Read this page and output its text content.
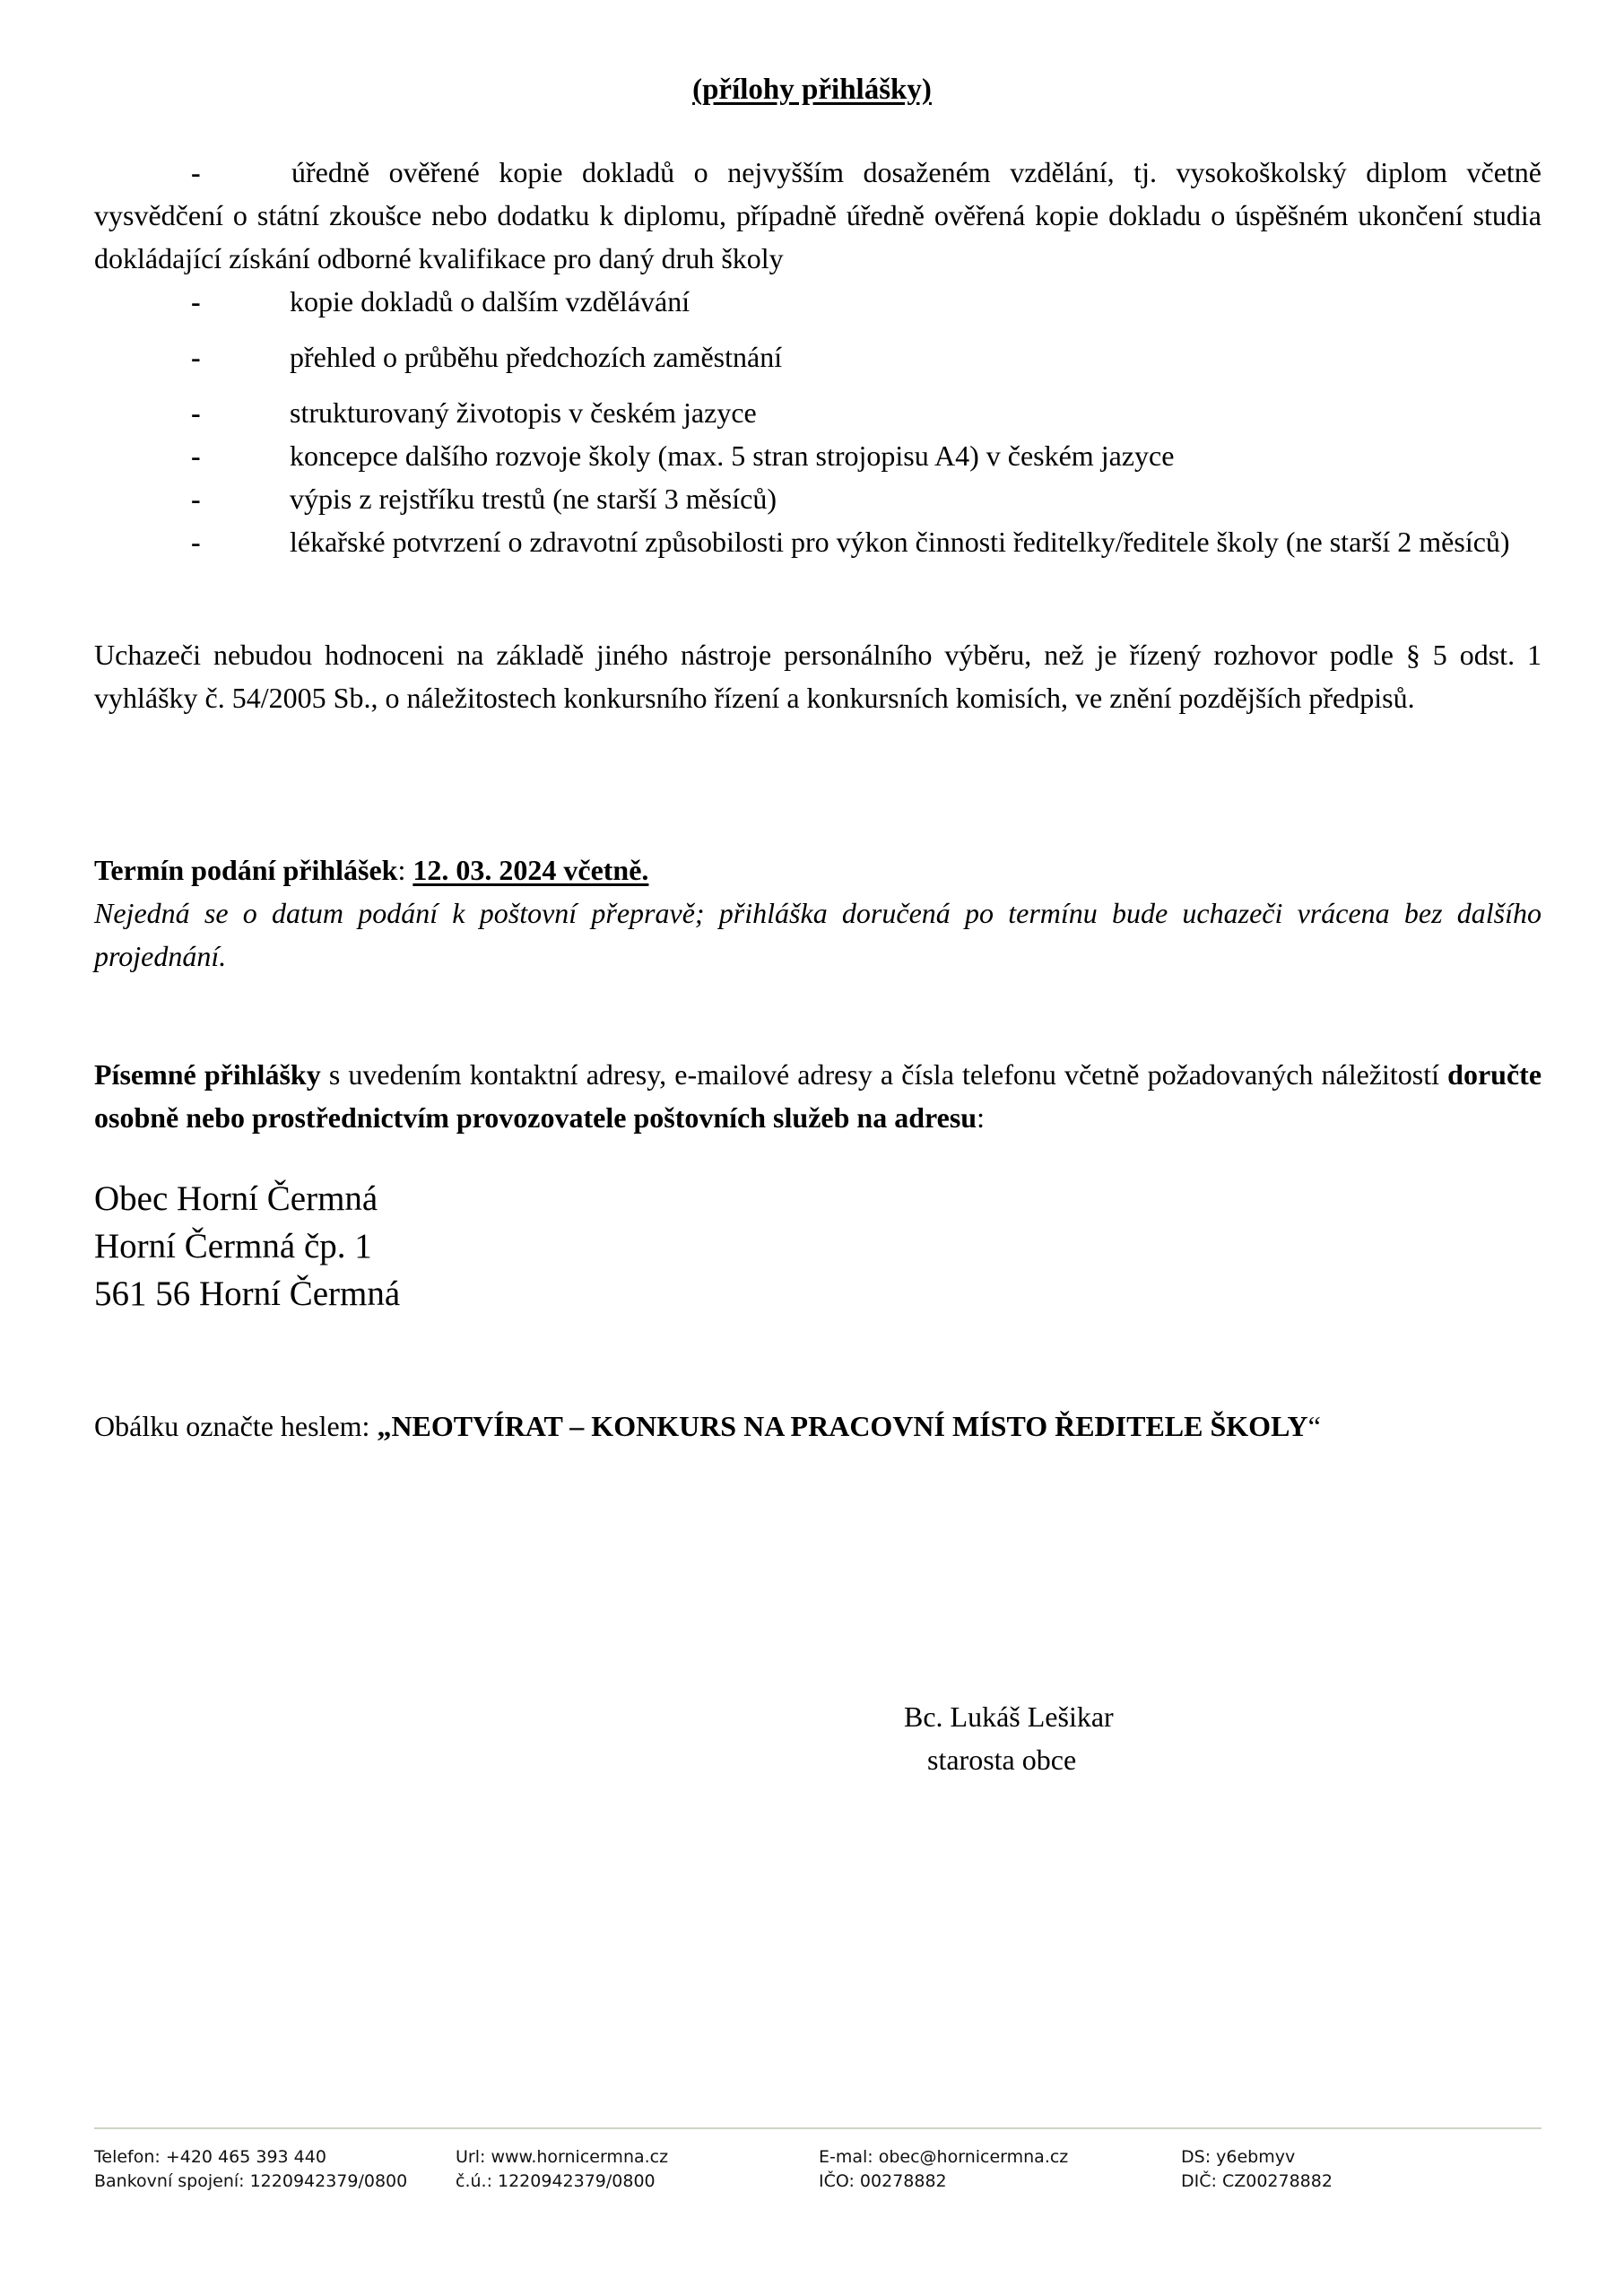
(přílohy přihlášky)
-	úředně ověřené kopie dokladů o nejvyšším dosaženém vzdělání, tj. vysokoškolský diplom včetně vysvědčení o státní zkoušce nebo dodatku k diplomu, případně úředně ověřená kopie dokladu o úspěšném ukončení studia dokládající získání odborné kvalifikace pro daný druh školy
-	kopie dokladů o dalším vzdělávání
-	přehled o průběhu předchozích zaměstnání
-	strukturovaný životopis v českém jazyce
-	koncepce dalšího rozvoje školy (max. 5 stran strojopisu A4) v českém jazyce
-	výpis z rejstříku trestů (ne starší 3 měsíců)
-	lékařské potvrzení o zdravotní způsobilosti pro výkon činnosti ředitelky/ředitele školy (ne starší 2 měsíců)

Uchazeči nebudou hodnoceni na základě jiného nástroje personálního výběru, než je řízený rozhovor podle § 5 odst. 1 vyhlášky č. 54/2005 Sb., o náležitostech konkursního řízení a konkursních komisích, ve znění pozdějších předpisů.

Termín podání přihlášek: 12. 03. 2024 včetně.
Nejedná se o datum podání k poštovní přepravě; přihláška doručená po termínu bude uchazeči vrácena bez dalšího projednání.

Písemné přihlášky s uvedením kontaktní adresy, e-mailové adresy a čísla telefonu včetně požadovaných náležitostí doručte osobně nebo prostřednictvím provozovatele poštovních služeb na adresu:

Obec Horní Čermná
Horní Čermná čp. 1
561 56 Horní Čermná
Obálku označte heslem: „NEOTVÍRAT – KONKURS NA PRACOVNÍ MÍSTO ŘEDITELE ŠKOLY“
Bc. Lukáš Lešikar
starosta obce
Telefon: +420 465 393 440	Url: www.hornicermna.cz	E-mal: obec@hornicermna.cz	DS: y6ebmyv
Bankovní spojení: 1220942379/0800	č.ú.: 1220942379/0800	IČO: 00278882	DIČ: CZ00278882
